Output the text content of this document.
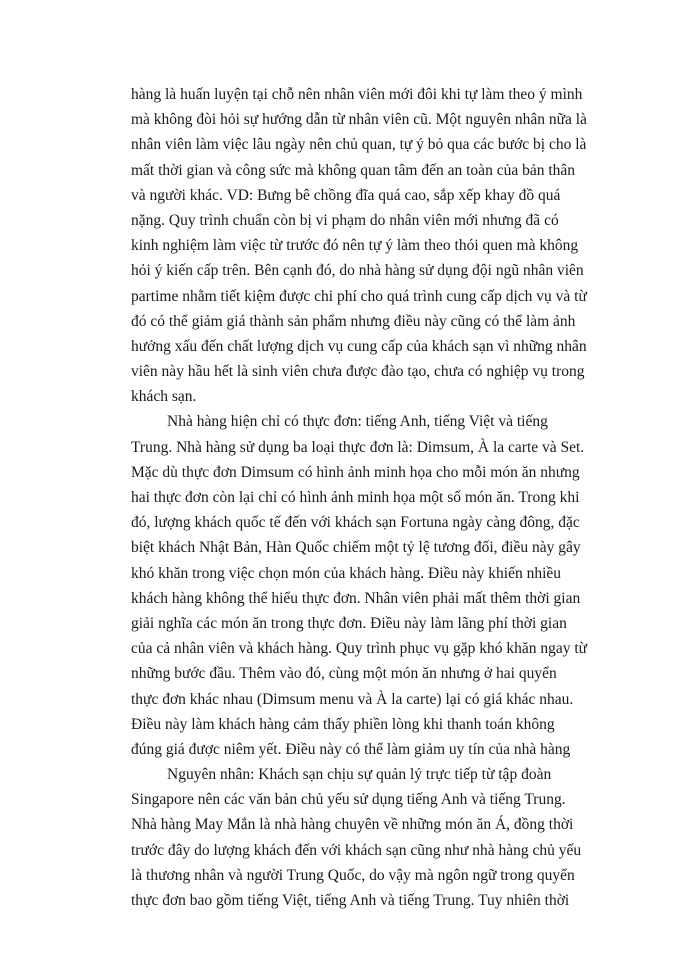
hàng là huấn luyện tại chỗ nên nhân viên mới đôi khi tự làm theo ý mình
mà không đòi hỏi sự hướng dẫn từ nhân viên cũ. Một nguyên nhân nữa là
nhân viên làm việc lâu ngày nên chủ quan, tự ý bỏ qua các bước bị cho là
mất thời gian và công sức mà không quan tâm đến an toàn của bản thân
và người khác. VD: Bưng bê chồng đĩa quá cao, sắp xếp khay đồ quá
nặng. Quy trình chuẩn còn bị vi phạm do nhân viên mới nhưng đã có
kinh nghiệm làm việc từ trước đó nên tự ý làm theo thói quen mà không
hỏi ý kiến cấp trên. Bên cạnh đó, do nhà hàng sử dụng đội ngũ nhân viên
partime nhằm tiết kiệm được chi phí cho quá trình cung cấp dịch vụ và từ
đó có thể giảm giá thành sản phẩm nhưng điều này cũng có thể làm ảnh
hưởng xấu đến chất lượng dịch vụ cung cấp của khách sạn vì những nhân
viên này hầu hết là sinh viên chưa được đào tạo, chưa có nghiệp vụ trong
khách sạn.
Nhà hàng hiện chỉ có thực đơn: tiếng Anh, tiếng Việt và tiếng
Trung. Nhà hàng sử dụng ba loại thực đơn là: Dimsum, À la carte và Set.
Mặc dù thực đơn Dimsum có hình ảnh minh họa cho mỗi món ăn nhưng
hai thực đơn còn lại chỉ có hình ảnh minh họa một số món ăn. Trong khi
đó, lượng khách quốc tế đến với khách sạn Fortuna ngày càng đông, đặc
biệt khách Nhật Bản, Hàn Quốc chiếm một tỷ lệ tương đối, điều này gây
khó khăn trong việc chọn món của khách hàng. Điều này khiến nhiều
khách hàng không thể hiểu thực đơn. Nhân viên phải mất thêm thời gian
giải nghĩa các món ăn trong thực đơn. Điều này làm lãng phí thời gian
của cả nhân viên và khách hàng. Quy trình phục vụ gặp khó khăn ngay từ
những bước đầu. Thêm vào đó, cùng một món ăn nhưng ở hai quyển
thực đơn khác nhau (Dimsum menu và À la carte) lại có giá khác nhau.
Điều này làm khách hàng cảm thấy phiền lòng khi thanh toán không
đúng giá được niêm yết. Điều này có thể làm giảm uy tín của nhà hàng
Nguyên nhân: Khách sạn chịu sự quản lý trực tiếp từ tập đoàn
Singapore nên các văn bản chủ yếu sử dụng tiếng Anh và tiếng Trung.
Nhà hàng May Mắn là nhà hàng chuyên về những món ăn Á, đồng thời
trước đây do lượng khách đến với khách sạn cũng như nhà hàng chủ yếu
là thương nhân và người Trung Quốc, do vậy mà ngôn ngữ trong quyển
thực đơn bao gồm tiếng Việt, tiếng Anh và tiếng Trung. Tuy nhiên thời
